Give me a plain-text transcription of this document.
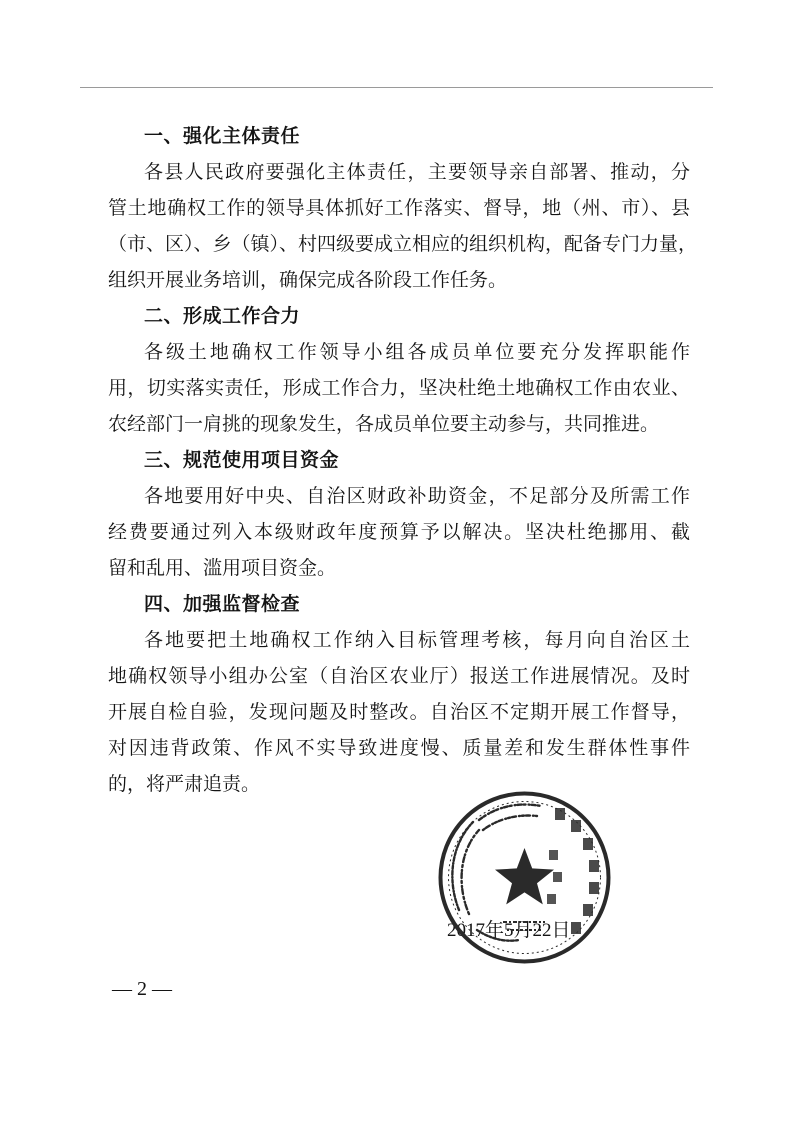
一、强化主体责任
各县人民政府要强化主体责任，主要领导亲自部署、推动，分
管土地确权工作的领导具体抓好工作落实、督导，地（州、市）、县
（市、区）、乡（镇）、村四级要成立相应的组织机构，配备专门力量，
组织开展业务培训，确保完成各阶段工作任务。
二、形成工作合力
各级土地确权工作领导小组各成员单位要充分发挥职能作
用，切实落实责任，形成工作合力，坚决杜绝土地确权工作由农业、
农经部门一肩挑的现象发生，各成员单位要主动参与，共同推进。
三、规范使用项目资金
各地要用好中央、自治区财政补助资金，不足部分及所需工作
经费要通过列入本级财政年度预算予以解决。坚决杜绝挪用、截
留和乱用、滥用项目资金。
四、加强监督检查
各地要把土地确权工作纳入目标管理考核，每月向自治区土
地确权领导小组办公室（自治区农业厅）报送工作进展情况。及时
开展自检自验，发现问题及时整改。自治区不定期开展工作督导，
对因违背政策、作风不实导致进度慢、质量差和发生群体性事件
的，将严肃追责。
2017年5月22日
— 2 —
